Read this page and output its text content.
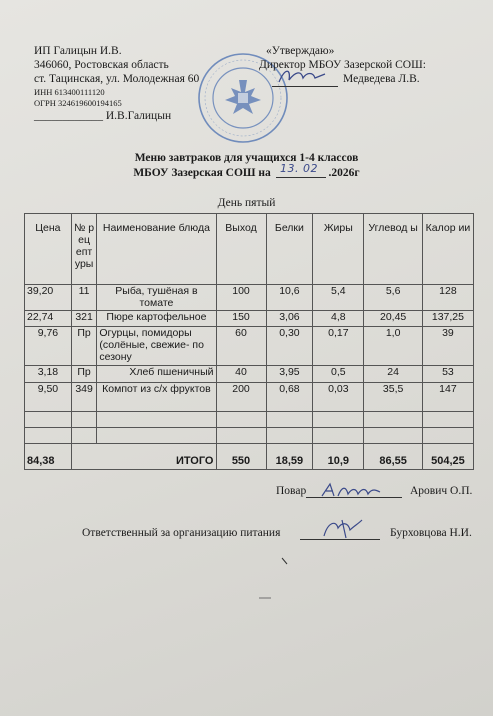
ИП Галицын И.В.
346060, Ростовская область
ст. Тацинская, ул. Молодежная 60
ИНН 613400111120
ОГРН 324619600194165
____________ И.В.Галицын
«Утверждаю»
Директор МБОУ Зазерской СОШ:
Медведева Л.В.
Меню завтраков для учащихся 1-4 классов
МБОУ Зазерская СОШ на	.2026г
13. 02
День пятый
Цена	№ рец епт уры	Наименование блюда	Выход	Белки	Жиры	Углевод ы	Калор ии
39,20	11	Рыба, тушёная в томате	100	10,6	5,4	5,6	128
22,74	321	Пюре картофельное	150	3,06	4,8	20,45	137,25
9,76	Пр	Огурцы, помидоры (солёные, свежие- по сезону	60	0,30	0,17	1,0	39
3,18	Пр	Хлеб пшеничный	40	3,95	0,5	24	53
9,50	349	Компот из с/х фруктов	200	0,68	0,03	35,5	147

84,38	ИТОГО		550	18,59	10,9	86,55	504,25
Повар	Арович О.П.
Ответственный за организацию питания	Бурховцова Н.И.
